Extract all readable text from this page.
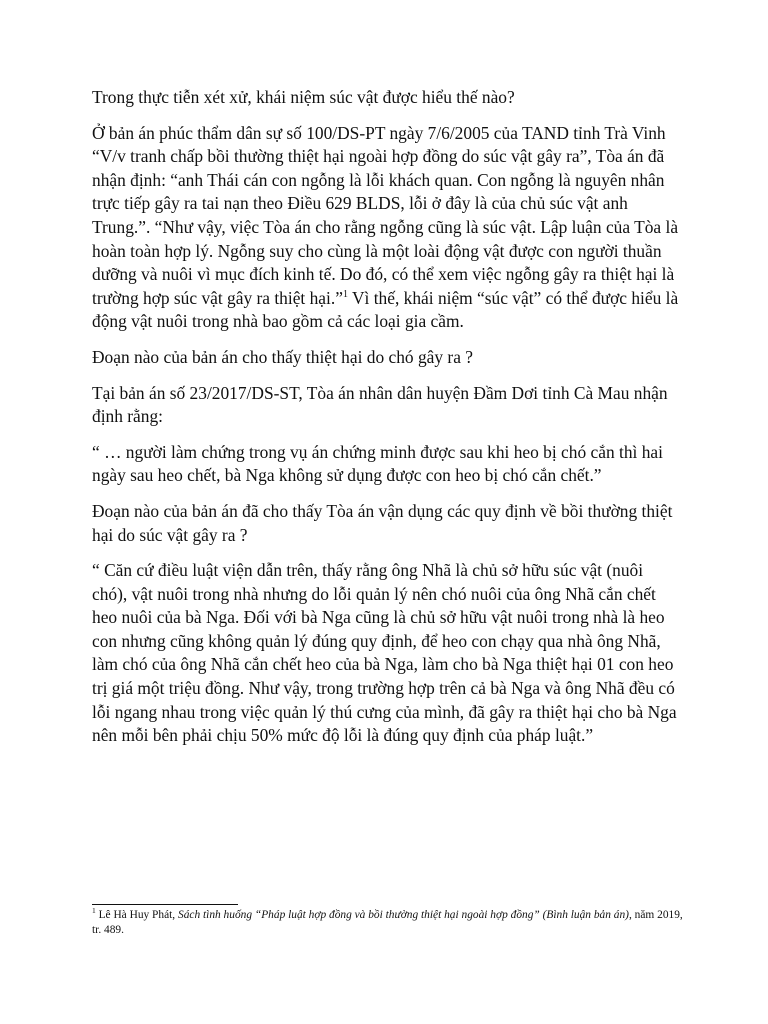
Trong thực tiễn xét xử, khái niệm súc vật được hiểu thế nào?

Ở bản án phúc thẩm dân sự số 100/DS-PT ngày 7/6/2005 của TAND tỉnh Trà Vinh “V/v tranh chấp bồi thường thiệt hại ngoài hợp đồng do súc vật gây ra”, Tòa án đã nhận định: “anh Thái cán con ngỗng là lỗi khách quan. Con ngỗng là nguyên nhân trực tiếp gây ra tai nạn theo Điều 629 BLDS, lỗi ở đây là của chủ súc vật anh Trung.”. “Như vậy, việc Tòa án cho rằng ngỗng cũng là súc vật. Lập luận của Tòa là hoàn toàn hợp lý. Ngỗng suy cho cùng là một loài động vật được con người thuần dưỡng và nuôi vì mục đích kinh tế. Do đó, có thể xem việc ngỗng gây ra thiệt hại là trường hợp súc vật gây ra thiệt hại.”$^1$ Vì thế, khái niệm “súc vật” có thể được hiểu là động vật nuôi trong nhà bao gồm cả các loại gia cầm.

Đoạn nào của bản án cho thấy thiệt hại do chó gây ra ?

Tại bản án số 23/2017/DS-ST, Tòa án nhân dân huyện Đầm Dơi tỉnh Cà Mau nhận định rằng:

“ … người làm chứng trong vụ án chứng minh được sau khi heo bị chó cắn thì hai ngày sau heo chết, bà Nga không sử dụng được con heo bị chó cắn chết.”

Đoạn nào của bản án đã cho thấy Tòa án vận dụng các quy định về bồi thường thiệt hại do súc vật gây ra ?

“ Căn cứ điều luật viện dẫn trên, thấy rằng ông Nhã là chủ sở hữu súc vật (nuôi chó), vật nuôi trong nhà nhưng do lỗi quản lý nên chó nuôi của ông Nhã cắn chết heo nuôi của bà Nga. Đối với bà Nga cũng là chủ sở hữu vật nuôi trong nhà là heo con nhưng cũng không quản lý đúng quy định, để heo con chạy qua nhà ông Nhã, làm chó của ông Nhã cắn chết heo của bà Nga, làm cho bà Nga thiệt hại 01 con heo trị giá một triệu đồng. Như vậy, trong trường hợp trên cả bà Nga và ông Nhã đều có lỗi ngang nhau trong việc quản lý thú cưng của mình, đã gây ra thiệt hại cho bà Nga nên mỗi bên phải chịu 50% mức độ lỗi là đúng quy định của pháp luật.”

$^1$ Lê Hà Huy Phát, Sách tình huống “Pháp luật hợp đồng và bồi thường thiệt hại ngoài hợp đồng” (Bình luận bản án), năm 2019, tr. 489.
